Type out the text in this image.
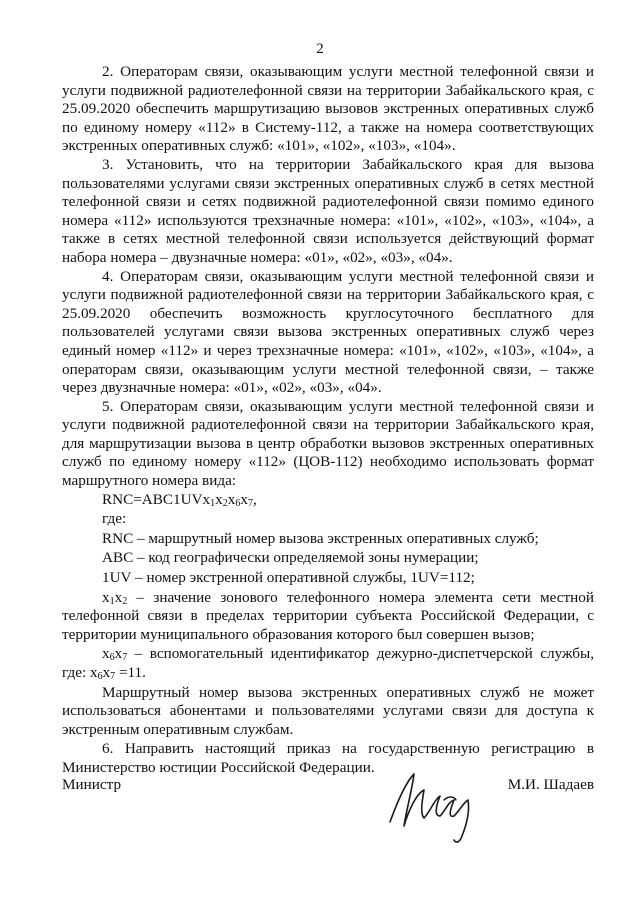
2

2. Операторам связи, оказывающим услуги местной телефонной связи и услуги подвижной радиотелефонной связи на территории Забайкальского края, с 25.09.2020 обеспечить маршрутизацию вызовов экстренных оперативных служб по единому номеру «112» в Систему-112, а также на номера соответствующих экстренных оперативных служб: «101», «102», «103», «104».

3. Установить, что на территории Забайкальского края для вызова пользователями услугами связи экстренных оперативных служб в сетях местной телефонной связи и сетях подвижной радиотелефонной связи помимо единого номера «112» используются трехзначные номера: «101», «102», «103», «104», а также в сетях местной телефонной связи используется действующий формат набора номера – двузначные номера: «01», «02», «03», «04».

4. Операторам связи, оказывающим услуги местной телефонной связи и услуги подвижной радиотелефонной связи на территории Забайкальского края, с 25.09.2020 обеспечить возможность круглосуточного бесплатного для пользователей услугами связи вызова экстренных оперативных служб через единый номер «112» и через трехзначные номера: «101», «102», «103», «104», а операторам связи, оказывающим услуги местной телефонной связи, – также через двузначные номера: «01», «02», «03», «04».

5. Операторам связи, оказывающим услуги местной телефонной связи и услуги подвижной радиотелефонной связи на территории Забайкальского края, для маршрутизации вызова в центр обработки вызовов экстренных оперативных служб по единому номеру «112» (ЦОВ-112) необходимо использовать формат маршрутного номера вида:

$RNC=ABC1UVx_1x_2x_6x_7$,

где:

RNC – маршрутный номер вызова экстренных оперативных служб;

ABC – код географически определяемой зоны нумерации;

1UV – номер экстренной оперативной службы, 1UV=112;

$x_1x_2$ – значение зонового телефонного номера элемента сети местной телефонной связи в пределах территории субъекта Российской Федерации, с территории муниципального образования которого был совершен вызов;

$x_6x_7$ – вспомогательный идентификатор дежурно-диспетчерской службы, где: $x_6x_7 =11$.

Маршрутный номер вызова экстренных оперативных служб не может использоваться абонентами и пользователями услугами связи для доступа к экстренным оперативным службам.

6. Направить настоящий приказ на государственную регистрацию в Министерство юстиции Российской Федерации.

Министр	М.И. Шадаев
